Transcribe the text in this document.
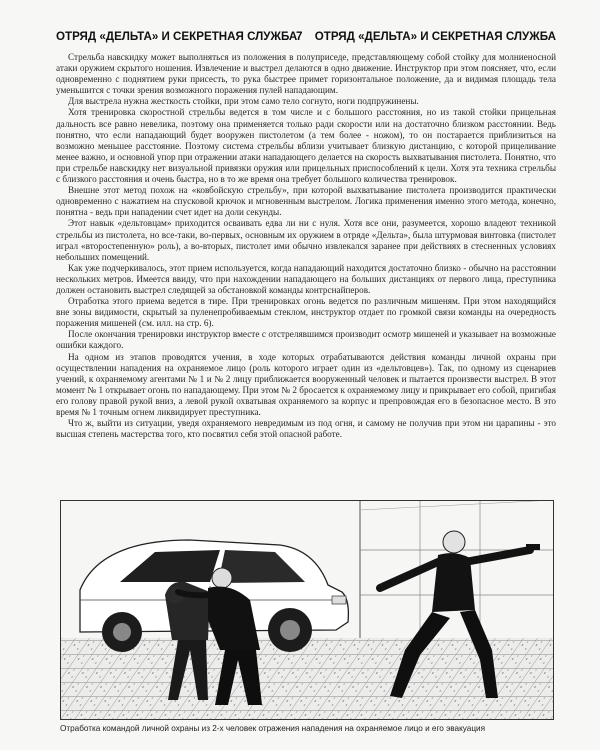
ОТРЯД «ДЕЛЬТА» И СЕКРЕТНАЯ СЛУЖБА
7 ОТРЯД «ДЕЛЬТА» И СЕКРЕТНАЯ СЛУЖБА

Стрельба навскидку может выполняться из положения в полуприседе, представляющему собой стойку для молниеносной атаки оружием скрытого ношения. Извлечение и выстрел делаются в одно движение. Инструктор при этом поясняет, что, если одновременно с поднятием руки присесть, то рука быстрее примет горизонтальное положение, да и видимая площадь тела уменьшится с точки зрения возможного поражения пулей нападающим.

Для выстрела нужна жесткость стойки, при этом само тело согнуто, ноги подпружинены.

Хотя тренировка скоростной стрельбы ведется в том числе и с большого расстояния, но из такой стойки прицельная дальность все равно невелика, поэтому она применяется только ради скорости или на достаточно близком расстоянии. Ведь понятно, что если нападающий будет вооружен пистолетом (а тем более - ножом), то он постарается приблизиться на возможно меньшее расстояние. Поэтому система стрельбы вблизи учитывает близкую дистанцию, с которой прицеливание менее важно, и основной упор при отражении атаки нападающего делается на скорость выхватывания пистолета. Понятно, что при стрельбе навскидку нет визуальной привязки оружия или прицельных приспособлений к цели. Хотя эта техника стрельбы с близкого расстояния и очень быстра, но в то же время она требует большого количества тренировок.

Внешне этот метод похож на «ковбойскую стрельбу», при которой выхватывание пистолета производится практически одновременно с нажатием на спусковой крючок и мгновенным выстрелом. Логика применения именно этого метода, конечно, понятна - ведь при нападении счет идет на доли секунды.

Этот навык «дельтовцам» приходится осваивать едва ли ни с нуля. Хотя все они, разумеется, хорошо владеют техникой стрельбы из пистолета, но все-таки, во-первых, основным их оружием в отряде «Дельта», была штурмовая винтовка (пистолет играл «второстепенную» роль), а во-вторых, пистолет ими обычно извлекался заранее при действиях в стесненных условиях небольших помещений.

Как уже подчеркивалось, этот прием используется, когда нападающий находится достаточно близко - обычно на расстоянии нескольких метров. Имеется ввиду, что при нахождении нападающего на больших дистанциях от первого лица, преступника должен остановить выстрел следящей за обстановкой команды контрснайперов.

Отработка этого приема ведется в тире. При тренировках огонь ведется по различным мишеням. При этом находящийся вне зоны видимости, скрытый за пуленепробиваемым стеклом, инструктор отдает по громкой связи команды на очередность поражения мишеней (см. илл. на стр. 6).

После окончания тренировки инструктор вместе с отстрелявшимся производит осмотр мишеней и указывает на возможные ошибки каждого.

На одном из этапов проводятся учения, в ходе которых отрабатываются действия команды личной охраны при осуществлении нападения на охраняемое лицо (роль которого играет один из «дельтовцев»). Так, по одному из сценариев учений, к охраняемому агентами № 1 и № 2 лицу приближается вооруженный человек и пытается произвести выстрел. В этот момент № 1 открывает огонь по нападающему. При этом № 2 бросается к охраняемому лицу и прикрывает его собой, пригибая его голову правой рукой вниз, а левой рукой охватывая охраняемого за корпус и препровождая его в безопасное место. В это время № 1 точным огнем ликвидирует преступника.

Что ж, выйти из ситуации, уведя охраняемого невредимым из под огня, и самому не получив при этом ни царапины - это высшая степень мастерства того, кто посвятил себя этой опасной работе.

Отработка командой личной охраны из 2-х человек отражения нападения на охраняемое лицо и его эвакуация
